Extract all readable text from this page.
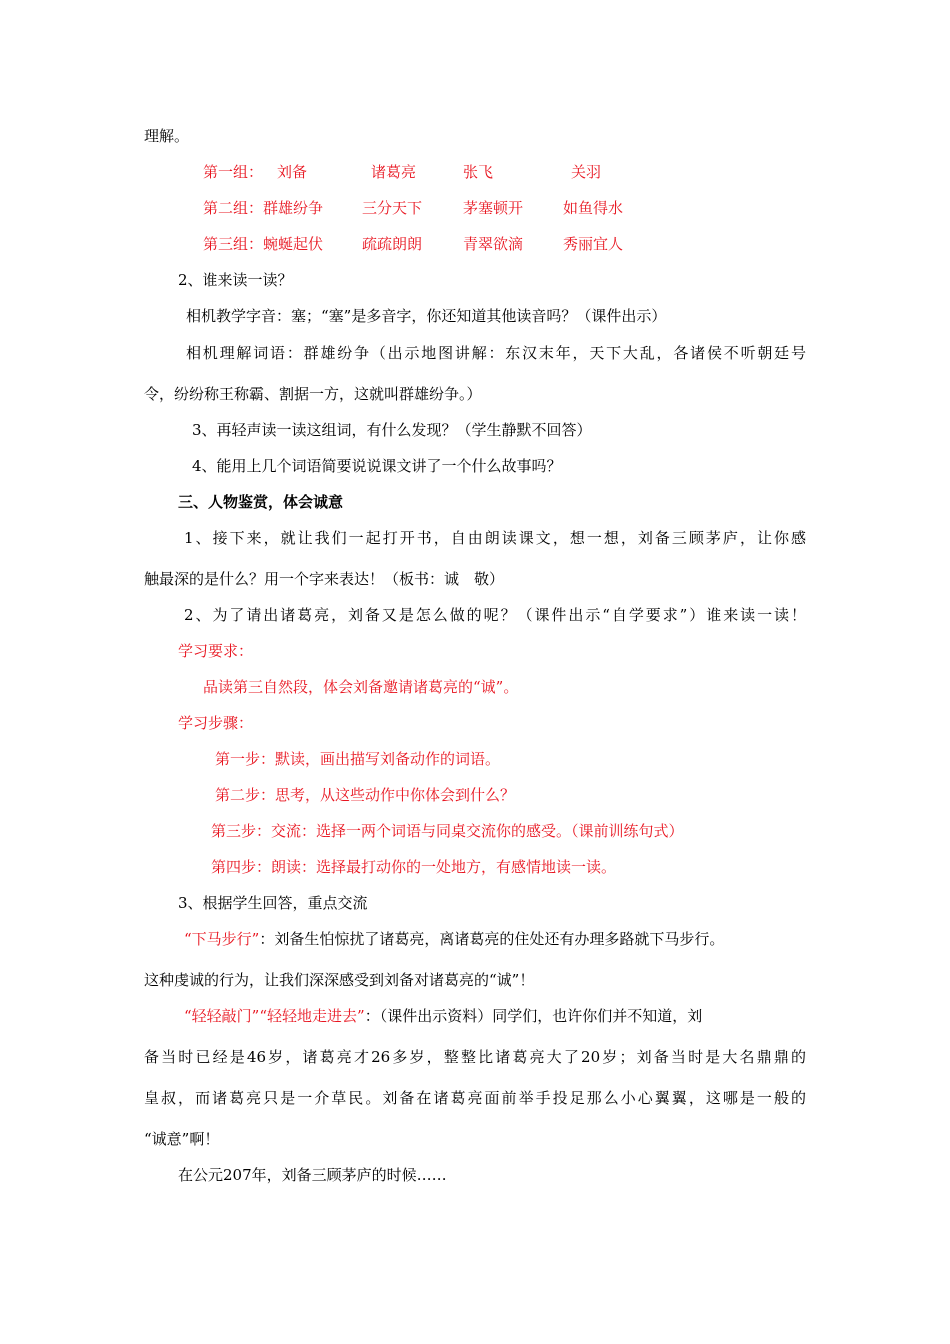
理解。
第一组： 刘备	诸葛亮	张飞	关羽
第二组：群雄纷争	三分天下	茅塞顿开	如鱼得水
第三组：蜿蜒起伏	疏疏朗朗	青翠欲滴	秀丽宜人
2、谁来读一读？
相机教学字音：塞；“塞”是多音字，你还知道其他读音吗？（课件出示）
相机理解词语：群雄纷争（出示地图讲解：东汉末年，天下大乱，各诸侯不听朝廷号
令，纷纷称王称霸、割据一方，这就叫群雄纷争。）
3、再轻声读一读这组词，有什么发现？（学生静默不回答）
4、能用上几个词语简要说说课文讲了一个什么故事吗？
三、人物鉴赏，体会诚意
1、接下来，就让我们一起打开书，自由朗读课文，想一想，刘备三顾茅庐，让你感
触最深的是什么？用一个字来表达！（板书：诚　敬）
2、为了请出诸葛亮，刘备又是怎么做的呢？（课件出示“自学要求”）谁来读一读！
学习要求：
品读第三自然段，体会刘备邀请诸葛亮的“诚”。
学习步骤：
第一步：默读，画出描写刘备动作的词语。
第二步：思考，从这些动作中你体会到什么？
第三步：交流：选择一两个词语与同桌交流你的感受。（课前训练句式）
第四步：朗读：选择最打动你的一处地方，有感情地读一读。
3、根据学生回答，重点交流
“下马步行”：刘备生怕惊扰了诸葛亮，离诸葛亮的住处还有办理多路就下马步行。
这种虔诚的行为，让我们深深感受到刘备对诸葛亮的“诚”！
“轻轻敲门”“轻轻地走进去”：（课件出示资料）同学们，也许你们并不知道，刘
备当时已经是46岁，诸葛亮才26多岁，整整比诸葛亮大了20岁；刘备当时是大名鼎鼎的
皇叔，而诸葛亮只是一介草民。刘备在诸葛亮面前举手投足那么小心翼翼，这哪是一般的
“诚意”啊！
在公元207年，刘备三顾茅庐的时候……
